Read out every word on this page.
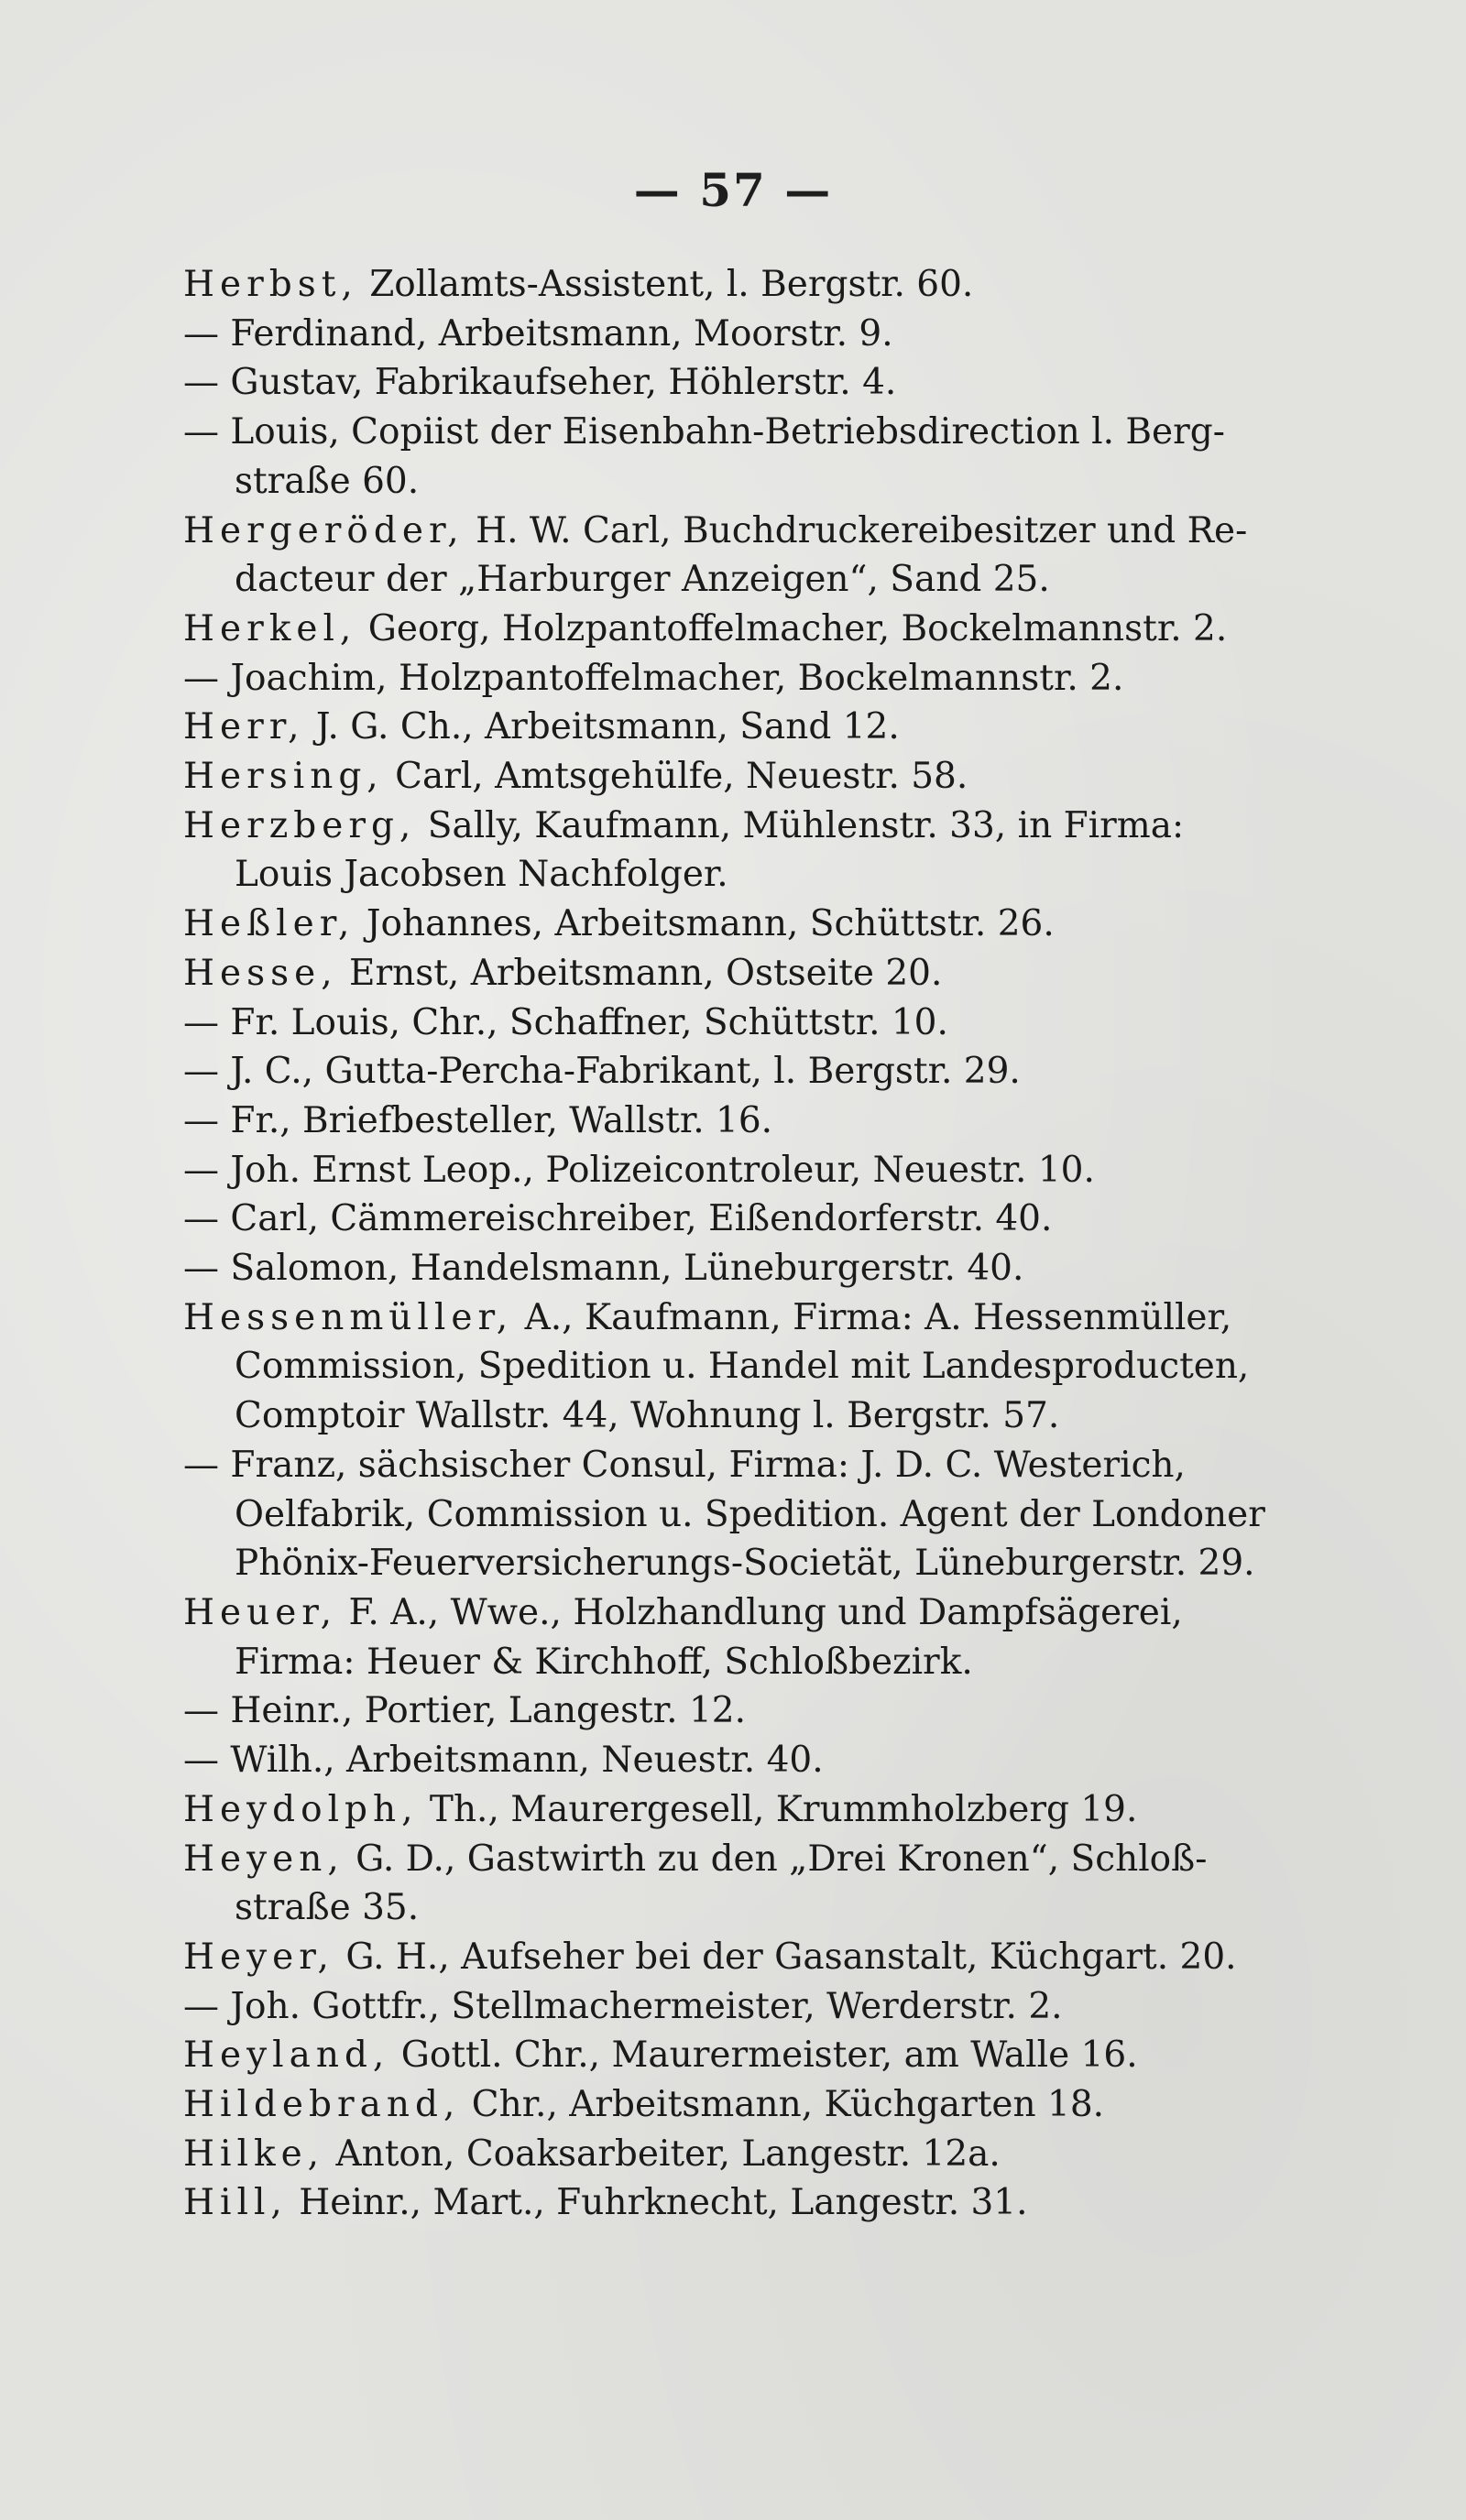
— 57 —

Herbst, Zollamts-Assistent, l. Bergstr. 60.

— Ferdinand, Arbeitsmann, Moorstr. 9.

— Gustav, Fabrikaufseher, Höhlerstr. 4.

— Louis, Copiist der Eisenbahn-Betriebsdirection l. Berg-

straße 60.

Hergeröder, H. W. Carl, Buchdruckereibesitzer und Re-

dacteur der „Harburger Anzeigen“, Sand 25.

Herkel, Georg, Holzpantoffelmacher, Bockelmannstr. 2.

— Joachim, Holzpantoffelmacher, Bockelmannstr. 2.

Herr, J. G. Ch., Arbeitsmann, Sand 12.

Hersing, Carl, Amtsgehülfe, Neuestr. 58.

Herzberg, Sally, Kaufmann, Mühlenstr. 33, in Firma:

Louis Jacobsen Nachfolger.

Heßler, Johannes, Arbeitsmann, Schüttstr. 26.

Hesse, Ernst, Arbeitsmann, Ostseite 20.

— Fr. Louis, Chr., Schaffner, Schüttstr. 10.

— J. C., Gutta-Percha-Fabrikant, l. Bergstr. 29.

— Fr., Briefbesteller, Wallstr. 16.

— Joh. Ernst Leop., Polizeicontroleur, Neuestr. 10.

— Carl, Cämmereischreiber, Eißendorferstr. 40.

— Salomon, Handelsmann, Lüneburgerstr. 40.

Hessenmüller, A., Kaufmann, Firma: A. Hessenmüller,

Commission, Spedition u. Handel mit Landesproducten,

Comptoir Wallstr. 44, Wohnung l. Bergstr. 57.

— Franz, sächsischer Consul, Firma: J. D. C. Westerich,

Oelfabrik, Commission u. Spedition. Agent der Londoner

Phönix-Feuerversicherungs-Societät, Lüneburgerstr. 29.

Heuer, F. A., Wwe., Holzhandlung und Dampfsägerei,

Firma: Heuer & Kirchhoff, Schloßbezirk.

— Heinr., Portier, Langestr. 12.

— Wilh., Arbeitsmann, Neuestr. 40.

Heydolph, Th., Maurergesell, Krummholzberg 19.

Heyen, G. D., Gastwirth zu den „Drei Kronen“, Schloß-

straße 35.

Heyer, G. H., Aufseher bei der Gasanstalt, Küchgart. 20.

— Joh. Gottfr., Stellmachermeister, Werderstr. 2.

Heyland, Gottl. Chr., Maurermeister, am Walle 16.

Hildebrand, Chr., Arbeitsmann, Küchgarten 18.

Hilke, Anton, Coaksarbeiter, Langestr. 12a.

Hill, Heinr., Mart., Fuhrknecht, Langestr. 31.
